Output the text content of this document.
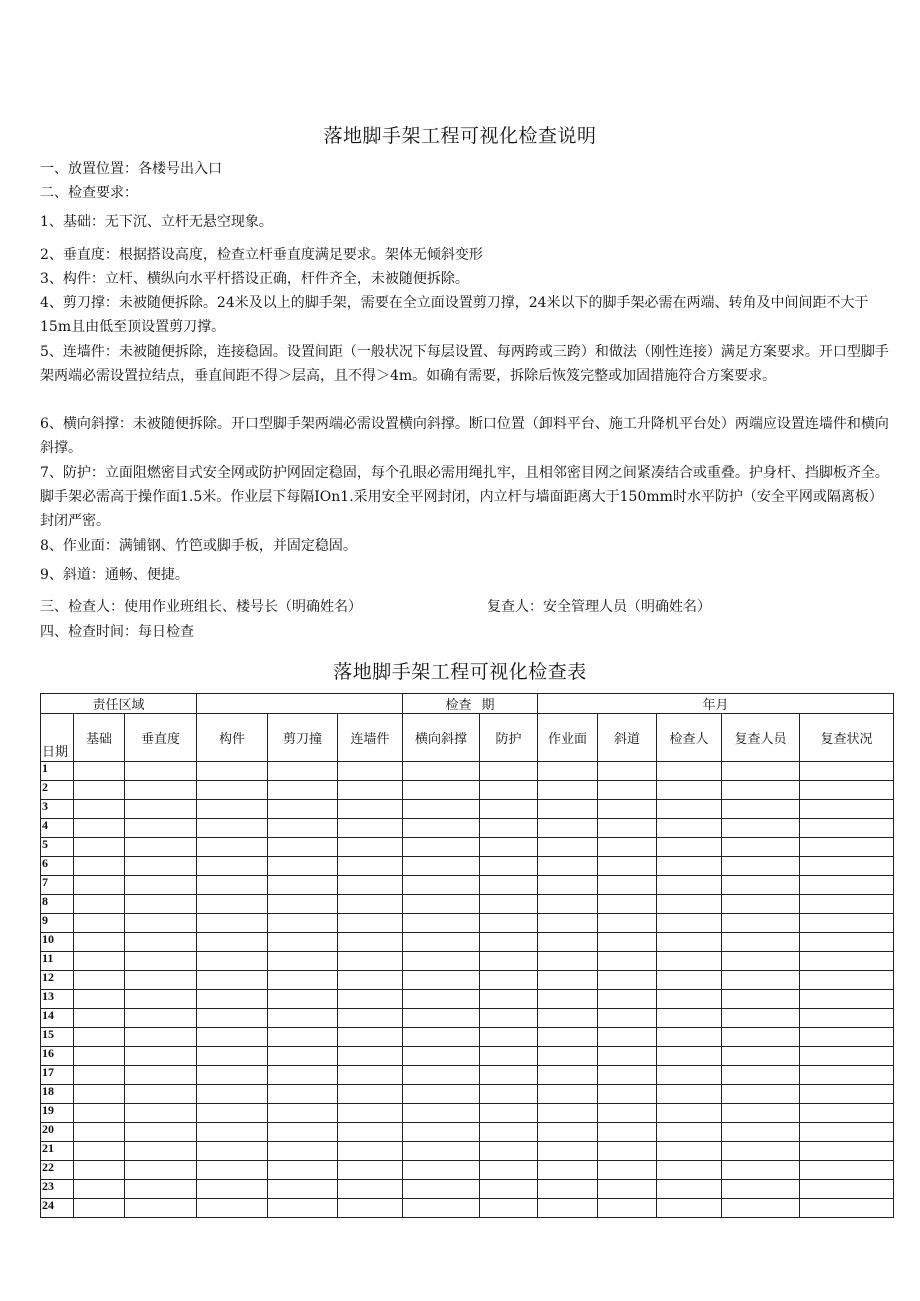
落地脚手架工程可视化检查说明
一、放置位置：各楼号出入口
二、检查要求：
1、基础：无下沉、立杆无悬空现象。
2、垂直度：根据搭设高度，检查立杆垂直度满足要求。架体无倾斜变形
3、构件：立杆、横纵向水平杆搭设正确，杆件齐全，未被随便拆除。
4、剪刀撑：未被随便拆除。24米及以上的脚手架，需要在全立面设置剪刀撑，24米以下的脚手架必需在两端、转角及中间间距不大于15m且由低至顶设置剪刀撑。
5、连墙件：未被随便拆除，连接稳固。设置间距（一般状况下每层设置、每两跨或三跨）和做法（刚性连接）满足方案要求。开口型脚手架两端必需设置拉结点，垂直间距不得＞层高，且不得＞4m。如确有需要，拆除后恢笈完整或加固措施符合方案要求。
6、横向斜撑：未被随便拆除。开口型脚手架两端必需设置横向斜撑。断口位置（卸料平台、施工升降机平台处）两端应设置连墙件和横向斜撑。
7、防护：立面阻燃密目式安全网或防护网固定稳固，每个孔眼必需用绳扎牢，且相邻密目网之间紧凑结合或重叠。护身杆、挡脚板齐全。脚手架必需高于操作面1.5米。作业层下每隔IOn1.采用安全平网封闭，内立杆与墙面距离大于150mm时水平防护（安全平网或隔离板）封闭严密。
8、作业面：满铺钢、竹笆或脚手板，并固定稳固。
9、斜道：通畅、便捷。
三、检查人：使用作业班组长、楼号长（明确姓名）	复查人：安全管理人员（明确姓名）
四、检查时间：每日检查
落地脚手架工程可视化检查表
责任区域						检查 期		年月				
日期	基础	垂直度	构件	剪刀撞	连墙件	横向斜撑	防护	作业面	斜道	检查人	复查人员	复查状况
1												
2												
3												
4												
5												
6												
7												
8												
9												
10												
11												
12												
13												
14												
15												
16												
17												
18												
19												
20												
21												
22												
23												
24												
